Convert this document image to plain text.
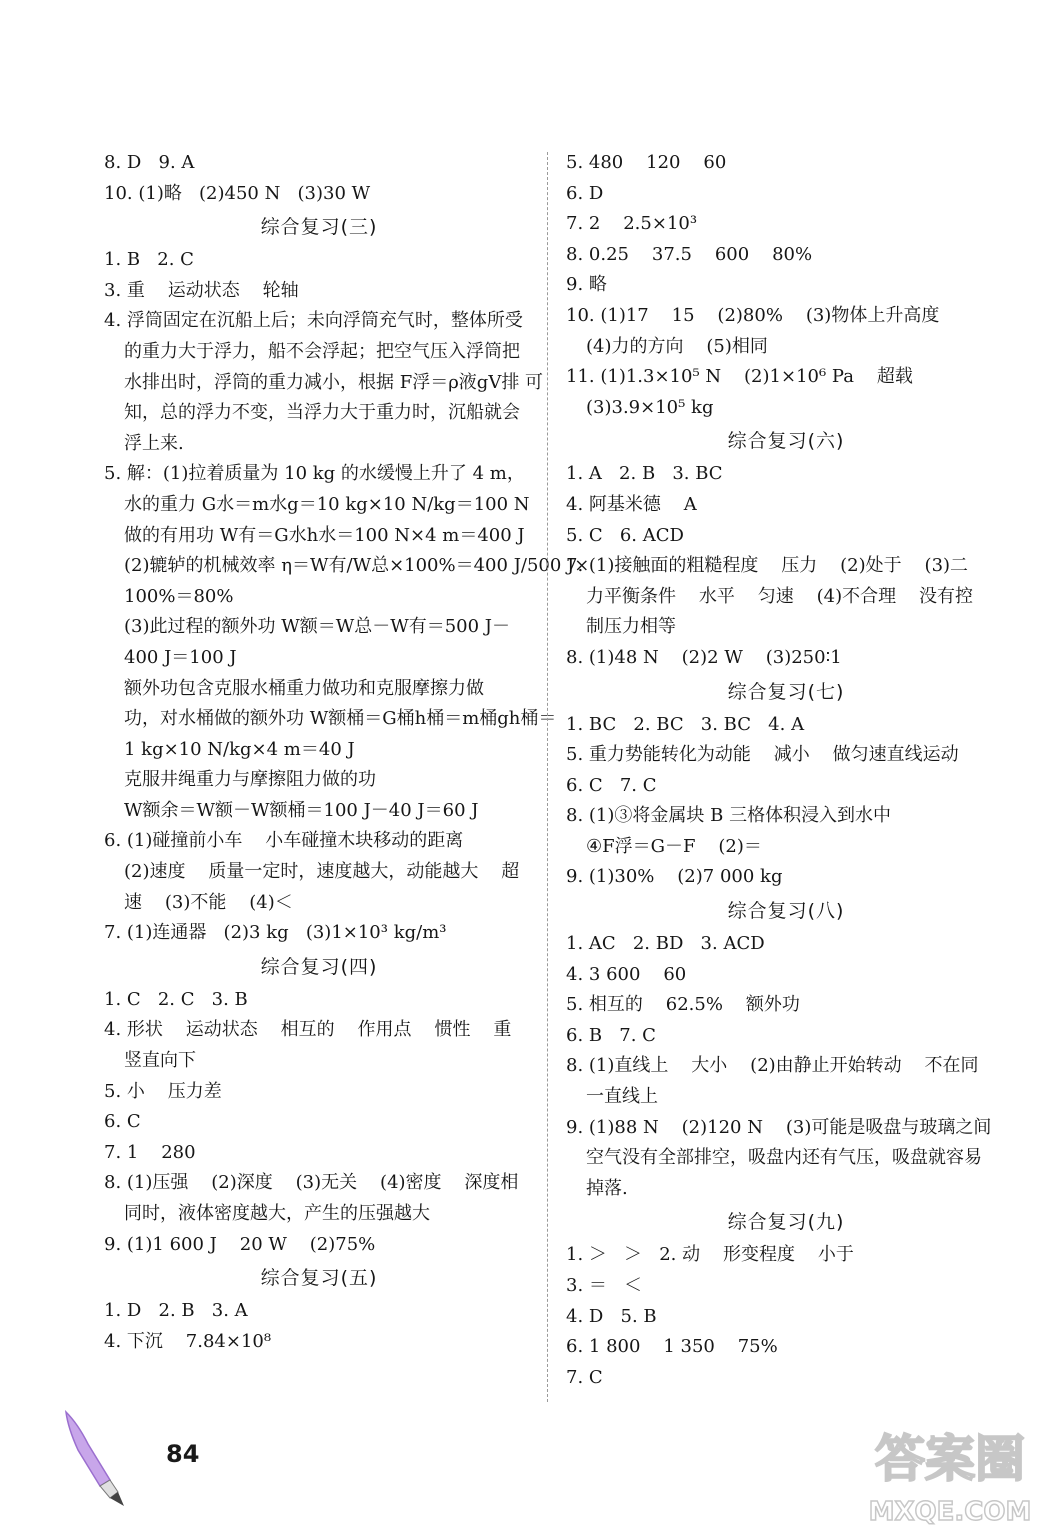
8. D   9. A
10. (1)略   (2)450 N   (3)30 W
综合复习(三)
1. B   2. C
3. 重    运动状态    轮轴
4. 浮筒固定在沉船上后；未向浮筒充气时，整体所受
的重力大于浮力，船不会浮起；把空气压入浮筒把
水排出时，浮筒的重力减小，根据 F浮＝ρ液gV排 可
知，总的浮力不变，当浮力大于重力时，沉船就会
浮上来.
5. 解：(1)拉着质量为 10 kg 的水缓慢上升了 4 m，
水的重力 G水＝m水g＝10 kg×10 N/kg＝100 N
做的有用功 W有＝G水h水＝100 N×4 m＝400 J
(2)辘轳的机械效率 η＝W有/W总×100%＝400 J/500 J×
100%＝80%
(3)此过程的额外功 W额＝W总－W有＝500 J－
400 J＝100 J
额外功包含克服水桶重力做功和克服摩擦力做
功，对水桶做的额外功 W额桶＝G桶h桶＝m桶gh桶＝
1 kg×10 N/kg×4 m＝40 J
克服井绳重力与摩擦阻力做的功
W额余＝W额－W额桶＝100 J－40 J＝60 J
6. (1)碰撞前小车    小车碰撞木块移动的距离
(2)速度    质量一定时，速度越大，动能越大    超
速    (3)不能    (4)＜
7. (1)连通器   (2)3 kg   (3)1×10³ kg/m³
综合复习(四)
1. C   2. C   3. B
4. 形状    运动状态    相互的    作用点    惯性    重
竖直向下
5. 小    压力差
6. C
7. 1    280
8. (1)压强    (2)深度    (3)无关    (4)密度    深度相
同时，液体密度越大，产生的压强越大
9. (1)1 600 J    20 W    (2)75%
综合复习(五)
1. D   2. B   3. A
4. 下沉    7.84×10⁸
5. 480    120    60
6. D
7. 2    2.5×10³
8. 0.25    37.5    600    80%
9. 略
10. (1)17    15    (2)80%    (3)物体上升高度
(4)力的方向    (5)相同
11. (1)1.3×10⁵ N    (2)1×10⁶ Pa    超载
(3)3.9×10⁵ kg
综合复习(六)
1. A   2. B   3. BC
4. 阿基米德    A
5. C   6. ACD
7. (1)接触面的粗糙程度    压力    (2)处于    (3)二
力平衡条件    水平    匀速    (4)不合理    没有控
制压力相等
8. (1)48 N    (2)2 W    (3)250∶1
综合复习(七)
1. BC   2. BC   3. BC   4. A
5. 重力势能转化为动能    减小    做匀速直线运动
6. C   7. C
8. (1)③将金属块 B 三格体积浸入到水中
④F浮＝G－F    (2)＝
9. (1)30%    (2)7 000 kg
综合复习(八)
1. AC   2. BD   3. ACD
4. 3 600    60
5. 相互的    62.5%    额外功
6. B   7. C
8. (1)直线上    大小    (2)由静止开始转动    不在同
一直线上
9. (1)88 N    (2)120 N    (3)可能是吸盘与玻璃之间
空气没有全部排空，吸盘内还有气压，吸盘就容易
掉落.
综合复习(九)
1. ＞   ＞   2. 动    形变程度    小于
3. ＝   ＜
4. D   5. B
6. 1 800    1 350    75%
7. C
84	答案圈
MXQE.COM
